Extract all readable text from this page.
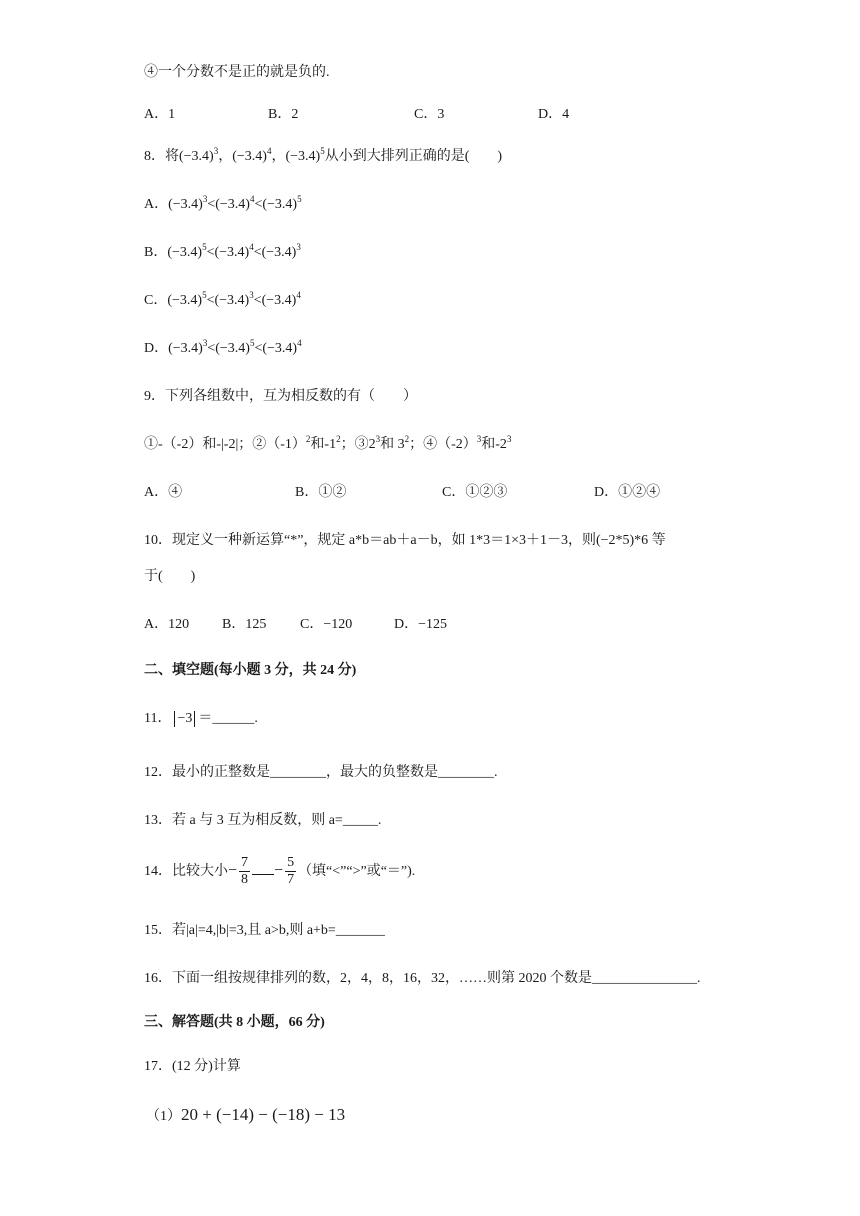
④一个分数不是正的就是负的.
A．1	B．2	C．3	D．4
8．将$(-3.4)^3$，$(-3.4)^4$，$(-3.4)^5$从小到大排列正确的是(　　)
A．$(-3.4)^3<(-3.4)^4<(-3.4)^5$
B．$(-3.4)^5<(-3.4)^4<(-3.4)^3$
C．$(-3.4)^5<(-3.4)^3<(-3.4)^4$
D．$(-3.4)^3<(-3.4)^5<(-3.4)^4$
9．下列各组数中，互为相反数的有（　　）
①-（-2）和-|-2|；$②(-1)^2$和$-1^2$；$③2^3$和 $3^2$；$④(-2)^3$和$-2^3$
A．④	B．①②	C．①②③	D．①②④
10．现定义一种新运算“*”，规定 a*b＝ab＋a－b，如 1*3＝1×3＋1－3，则(−2*5)*6 等
于(　　)
A．120 B．125 C．−120	D．−125
二、填空题(每小题 3 分，共 24 分)
11． −3 ＝______.
12．最小的正整数是________，最大的负整数是________.
13．若 a 与 3 互为相反数，则 a=_____.
14．比较大小− $\frac{7}{8} - \frac{5}{7}$ （填“<”“>”或“＝”).
15．若|a|=4,|b|=3,且 a>b,则 a+b=_______
16．下面一组按规律排列的数，2，4，8，16，32，……则第 2020 个数是_______________.
三、解答题(共 8 小题，66 分)
17．(12 分)计算
（1）20 + (−14) − (−18) − 13
